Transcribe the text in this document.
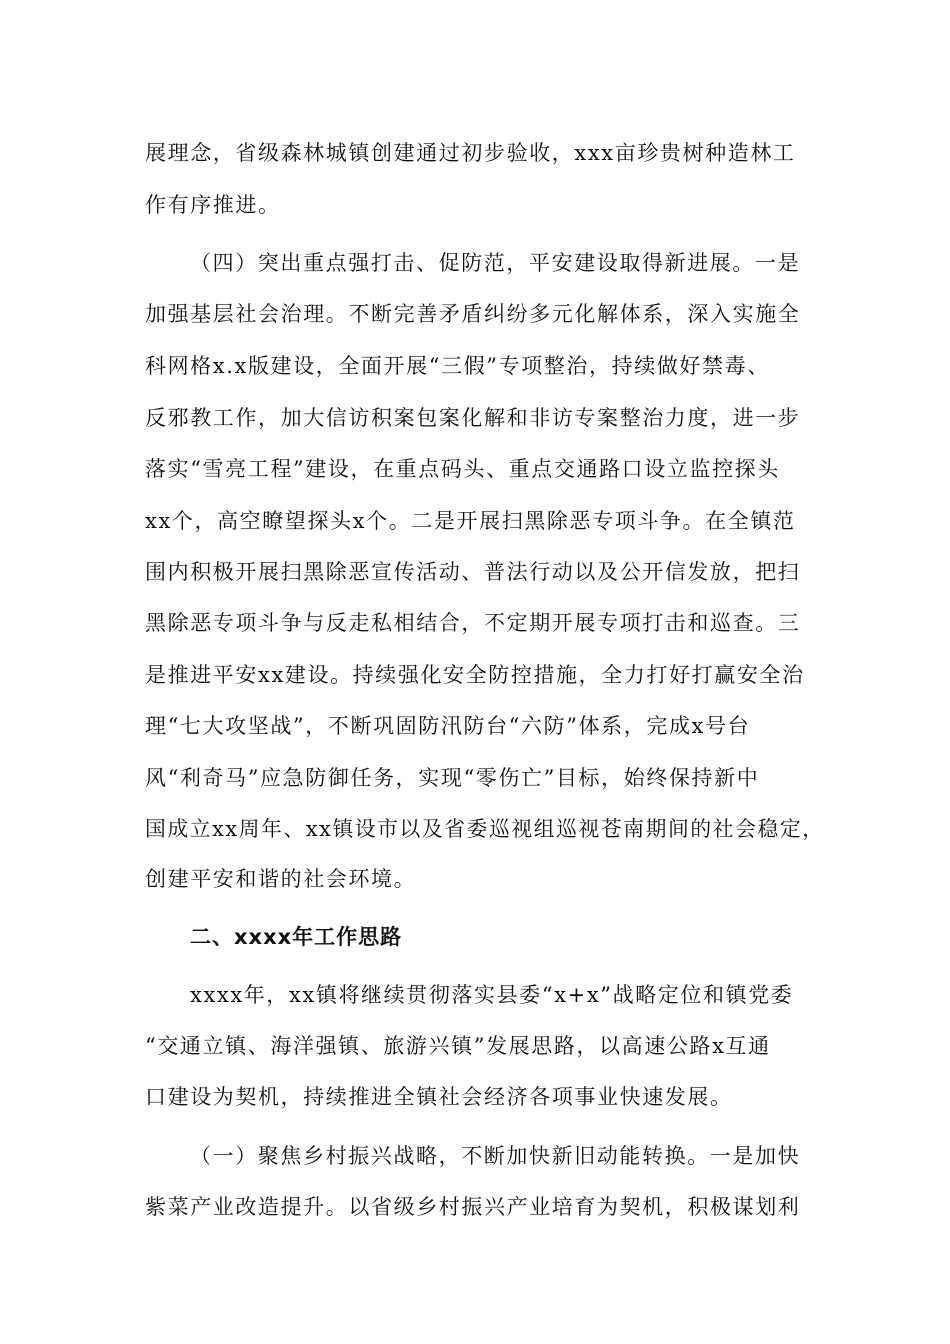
展理念，省级森林城镇创建通过初步验收，xxx亩珍贵树种造林工
作有序推进。
（四）突出重点强打击、促防范，平安建设取得新进展。一是
加强基层社会治理。不断完善矛盾纠纷多元化解体系，深入实施全
科网格x.x版建设，全面开展“三假”专项整治，持续做好禁毒、
反邪教工作，加大信访积案包案化解和非访专案整治力度，进一步
落实“雪亮工程”建设，在重点码头、重点交通路口设立监控探头
xx个，高空瞭望探头x个。二是开展扫黑除恶专项斗争。在全镇范
围内积极开展扫黑除恶宣传活动、普法行动以及公开信发放，把扫
黑除恶专项斗争与反走私相结合，不定期开展专项打击和巡查。三
是推进平安xx建设。持续强化安全防控措施，全力打好打赢安全治
理“七大攻坚战”，不断巩固防汛防台“六防”体系，完成x号台
风“利奇马”应急防御任务，实现“零伤亡”目标，始终保持新中
国成立xx周年、xx镇设市以及省委巡视组巡视苍南期间的社会稳定，
创建平安和谐的社会环境。
二、xxxx年工作思路
xxxx年，xx镇将继续贯彻落实县委“x+x”战略定位和镇党委
“交通立镇、海洋强镇、旅游兴镇”发展思路，以高速公路x互通
口建设为契机，持续推进全镇社会经济各项事业快速发展。
（一）聚焦乡村振兴战略，不断加快新旧动能转换。一是加快
紫菜产业改造提升。以省级乡村振兴产业培育为契机，积极谋划利
